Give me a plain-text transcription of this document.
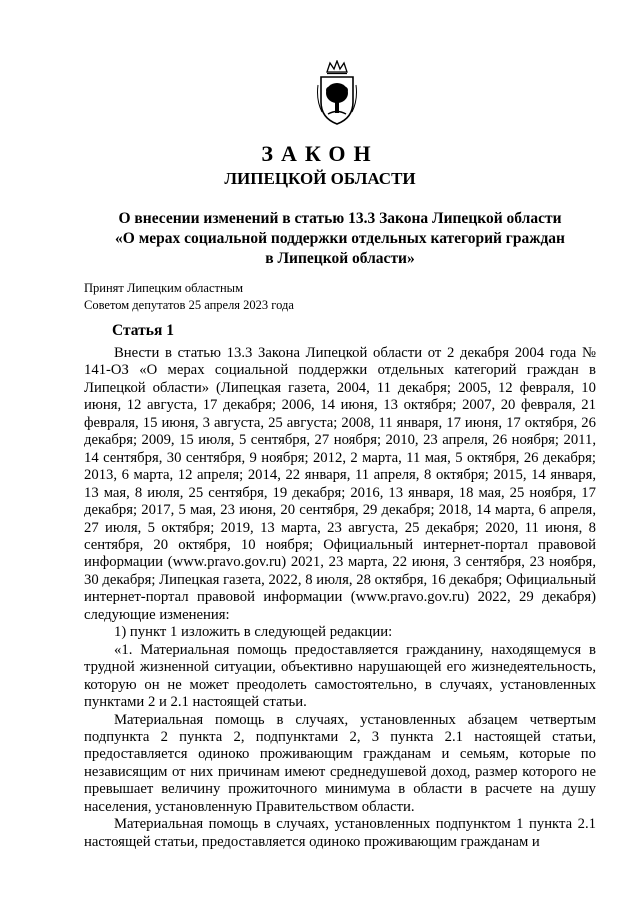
ЗАКОН
ЛИПЕЦКОЙ ОБЛАСТИ
О внесении изменений в статью 13.3 Закона Липецкой области
«О мерах социальной поддержки отдельных категорий граждан
в Липецкой области»
Принят Липецким областным
Советом депутатов 25 апреля 2023 года
Статья 1

Внести в статью 13.3 Закона Липецкой области от 2 декабря 2004 года № 141-ОЗ «О мерах социальной поддержки отдельных категорий граждан в Липецкой области» (Липецкая газета, 2004, 11 декабря; 2005, 12 февраля, 10 июня, 12 августа, 17 декабря; 2006, 14 июня, 13 октября; 2007, 20 февраля, 21 февраля, 15 июня, 3 августа, 25 августа; 2008, 11 января, 17 июня, 17 октября, 26 декабря; 2009, 15 июля, 5 сентября, 27 ноября; 2010, 23 апреля, 26 ноября; 2011, 14 сентября, 30 сентября, 9 ноября; 2012, 2 марта, 11 мая, 5 октября, 26 декабря; 2013, 6 марта, 12 апреля; 2014, 22 января, 11 апреля, 8 октября; 2015, 14 января, 13 мая, 8 июля, 25 сентября, 19 декабря; 2016, 13 января, 18 мая, 25 ноября, 17 декабря; 2017, 5 мая, 23 июня, 20 сентября, 29 декабря; 2018, 14 марта, 6 апреля, 27 июля, 5 октября; 2019, 13 марта, 23 августа, 25 декабря; 2020, 11 июня, 8 сентября, 20 октября, 10 ноября; Официальный интернет-портал правовой информации (www.pravo.gov.ru) 2021, 23 марта, 22 июня, 3 сентября, 23 ноября, 30 декабря; Липецкая газета, 2022, 8 июля, 28 октября, 16 декабря; Официальный интернет-портал правовой информации (www.pravo.gov.ru) 2022, 29 декабря) следующие изменения:

1) пункт 1 изложить в следующей редакции:

«1. Материальная помощь предоставляется гражданину, находящемуся в трудной жизненной ситуации, объективно нарушающей его жизнедеятельность, которую он не может преодолеть самостоятельно, в случаях, установленных пунктами 2 и 2.1 настоящей статьи.

Материальная помощь в случаях, установленных абзацем четвертым подпункта 2 пункта 2, подпунктами 2, 3 пункта 2.1 настоящей статьи, предоставляется одиноко проживающим гражданам и семьям, которые по независящим от них причинам имеют среднедушевой доход, размер которого не превышает величину прожиточного минимума в области в расчете на душу населения, установленную Правительством области.

Материальная помощь в случаях, установленных подпунктом 1 пункта 2.1 настоящей статьи, предоставляется одиноко проживающим гражданам и
